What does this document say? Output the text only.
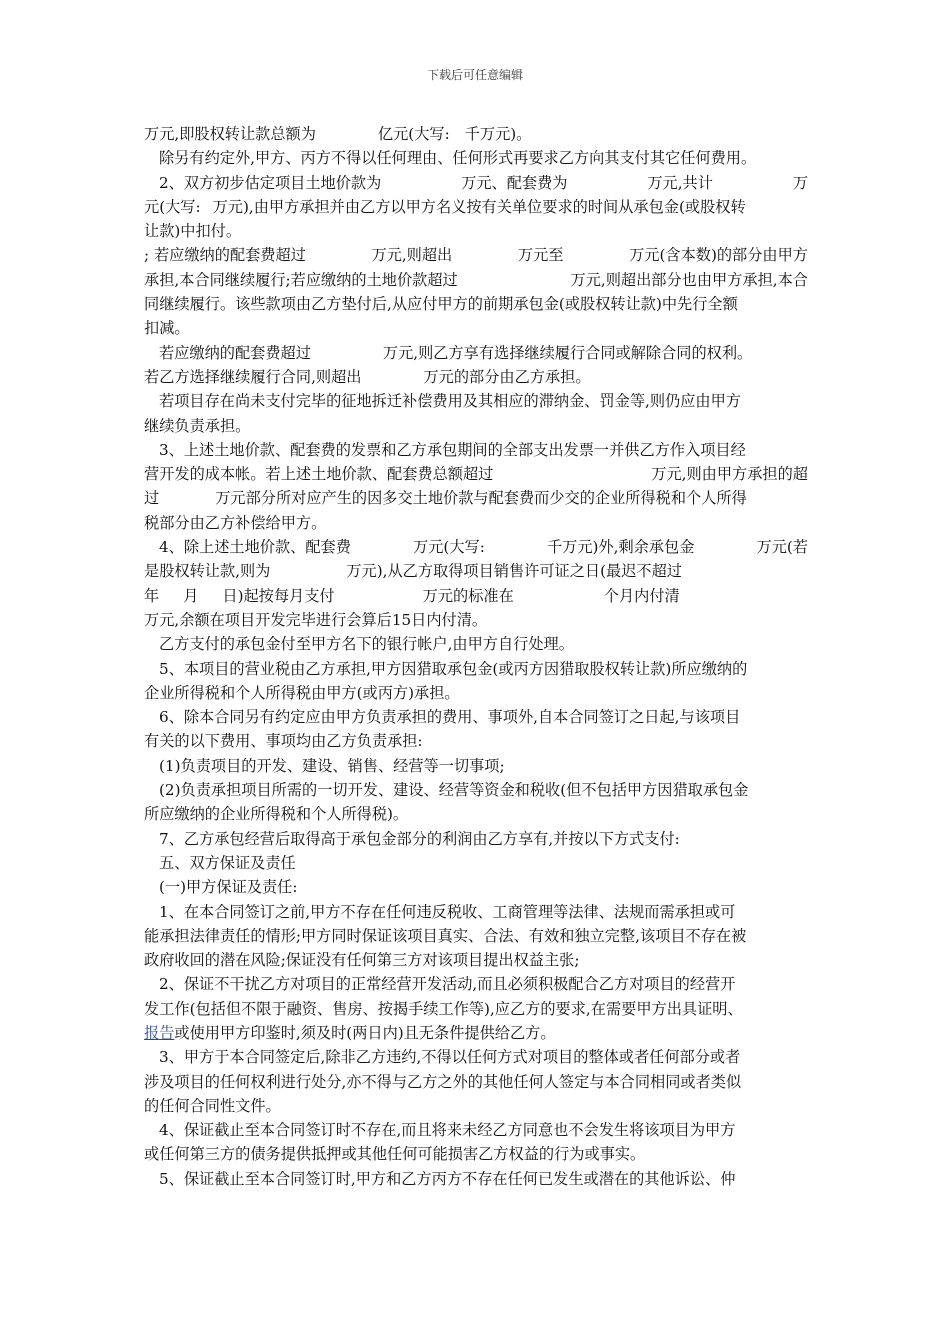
下载后可任意编辑
万元,即股权转让款总额为	亿元(大写: 千万元)。
除另有约定外,甲方、丙方不得以任何理由、任何形式再要求乙方向其支付其它任何费用。
2、双方初步估定项目土地价款为	万元、配套费为	万元,共计	万
元(大写: 万元),由甲方承担并由乙方以甲方名义按有关单位要求的时间从承包金(或股权转
让款)中扣付。
; 若应缴纳的配套费超过	万元,则超出	万元至	万元(含本数)的部分由甲方
承担,本合同继续履行;若应缴纳的土地价款超过	万元,则超出部分也由甲方承担,本合
同继续履行。该些款项由乙方垫付后,从应付甲方的前期承包金(或股权转让款)中先行全额
扣减。
若应缴纳的配套费超过	万元,则乙方享有选择继续履行合同或解除合同的权利。
若乙方选择继续履行合同,则超出	万元的部分由乙方承担。
若项目存在尚未支付完毕的征地拆迁补偿费用及其相应的滞纳金、罚金等,则仍应由甲方
继续负责承担。
3、上述土地价款、配套费的发票和乙方承包期间的全部支出发票一并供乙方作入项目经
营开发的成本帐。若上述土地价款、配套费总额超过	万元,则由甲方承担的超
过	万元部分所对应产生的因多交土地价款与配套费而少交的企业所得税和个人所得
税部分由乙方补偿给甲方。
4、除上述土地价款、配套费	万元(大写:	千万元)外,剩余承包金	万元(若
是股权转让款,则为	万元),从乙方取得项目销售许可证之日(最迟不超过
年 月 日)起按每月支付	万元的标准在	个月内付清
万元,余额在项目开发完毕进行会算后15日内付清。
乙方支付的承包金付至甲方名下的银行帐户,由甲方自行处理。
5、本项目的营业税由乙方承担,甲方因猎取承包金(或丙方因猎取股权转让款)所应缴纳的
企业所得税和个人所得税由甲方(或丙方)承担。
6、除本合同另有约定应由甲方负责承担的费用、事项外,自本合同签订之日起,与该项目
有关的以下费用、事项均由乙方负责承担:
(1)负责项目的开发、建设、销售、经营等一切事项;
(2)负责承担项目所需的一切开发、建设、经营等资金和税收(但不包括甲方因猎取承包金
所应缴纳的企业所得税和个人所得税)。
7、乙方承包经营后取得高于承包金部分的利润由乙方享有,并按以下方式支付:
五、双方保证及责任
(一)甲方保证及责任:
1、在本合同签订之前,甲方不存在任何违反税收、工商管理等法律、法规而需承担或可
能承担法律责任的情形;甲方同时保证该项目真实、合法、有效和独立完整,该项目不存在被
政府收回的潜在风险;保证没有任何第三方对该项目提出权益主张;
2、保证不干扰乙方对项目的正常经营开发活动,而且必须积极配合乙方对项目的经营开
发工作(包括但不限于融资、售房、按揭手续工作等),应乙方的要求,在需要甲方出具证明、
报告 或使用甲方印鉴时,须及时(两日内)且无条件提供给乙方。
3、甲方于本合同签定后,除非乙方违约,不得以任何方式对项目的整体或者任何部分或者
涉及项目的任何权利进行处分,亦不得与乙方之外的其他任何人签定与本合同相同或者类似
的任何合同性文件。
4、保证截止至本合同签订时不存在,而且将来未经乙方同意也不会发生将该项目为甲方
或任何第三方的债务提供抵押或其他任何可能损害乙方权益的行为或事实。
5、保证截止至本合同签订时,甲方和乙方丙方不存在任何已发生或潜在的其他诉讼、仲
